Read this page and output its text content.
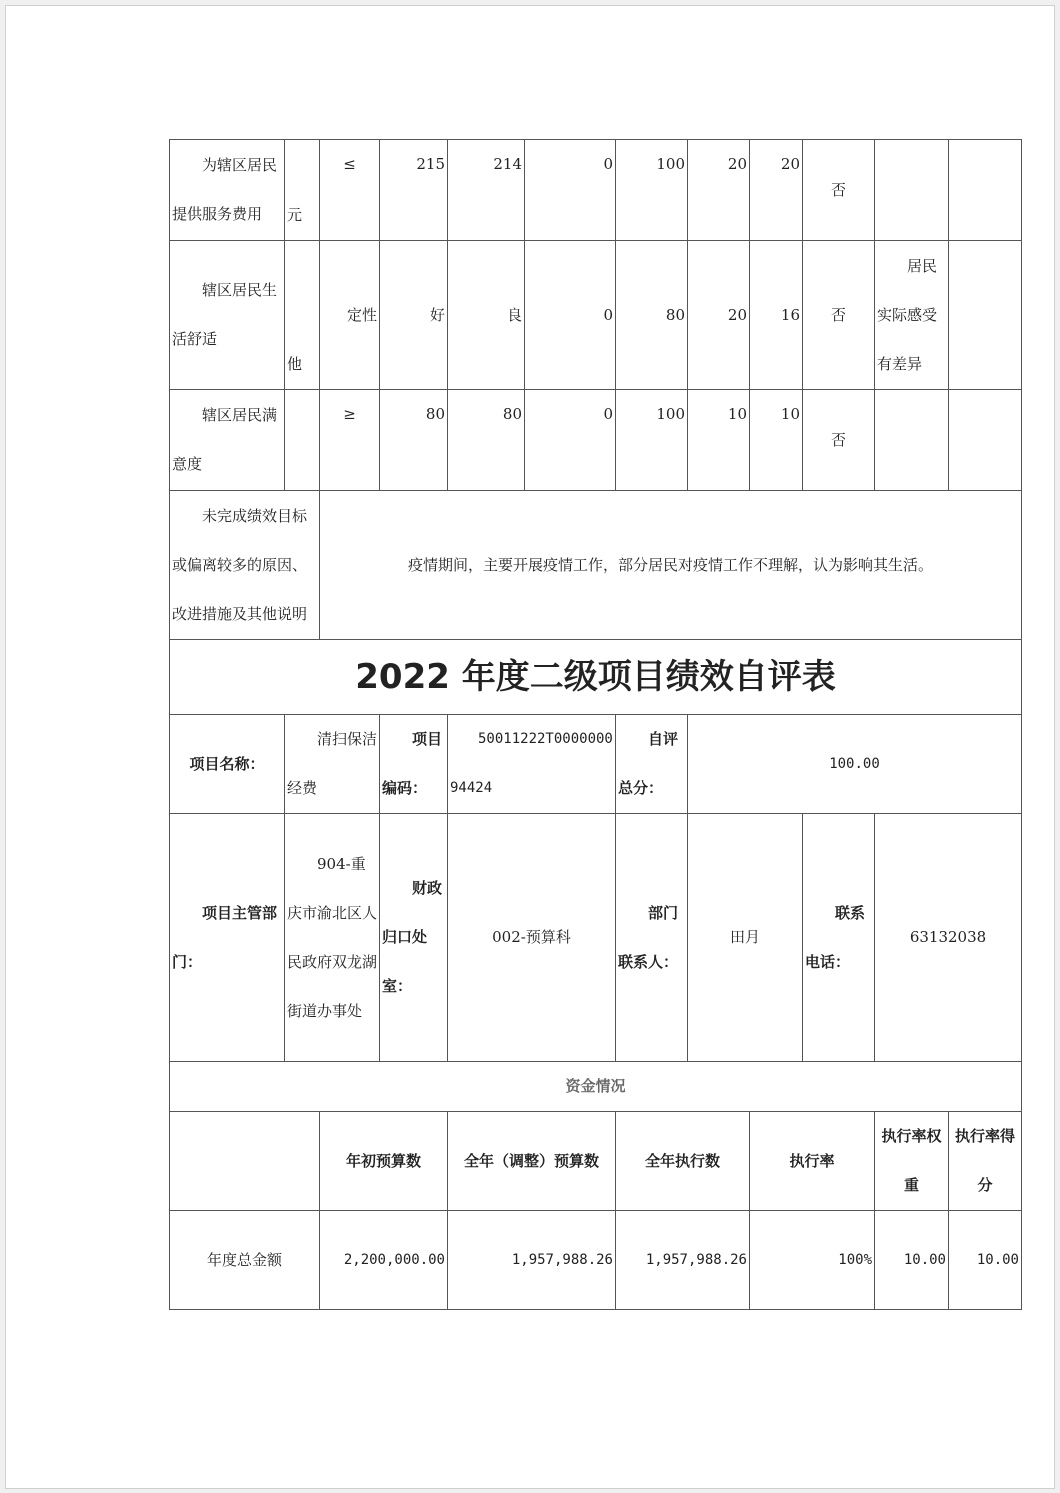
为辖区居民提供服务费用	元	≤	215	214	0	100	20	20	否		
辖区居民生活舒适	他	定性	好	良	0	80	20	16	否	居民实际感受有差异	
辖区居民满意度		≥	80	80	0	100	10	10	否		
未完成绩效目标或偏离较多的原因、改进措施及其他说明		疫情期间，主要开展疫情工作，部分居民对疫情工作不理解，认为影响其生活。									
2022 年度二级项目绩效自评表											
项目名称：	清扫保洁经费		项目编码：	50011222T000000094424		自评总分：	100.00				
项目主管部门：	904-重庆市渝北区人民政府双龙湖街道办事处		财政归口处室：	002-预算科		部门联系人：	田月		联系电话：	63132038	
资金情况											
		年初预算数		全年（调整）预算数		全年执行数		执行率		执行率权重	执行率得分
年度总金额		2,200,000.00		1,957,988.26		1,957,988.26		100%		10.00	10.00
